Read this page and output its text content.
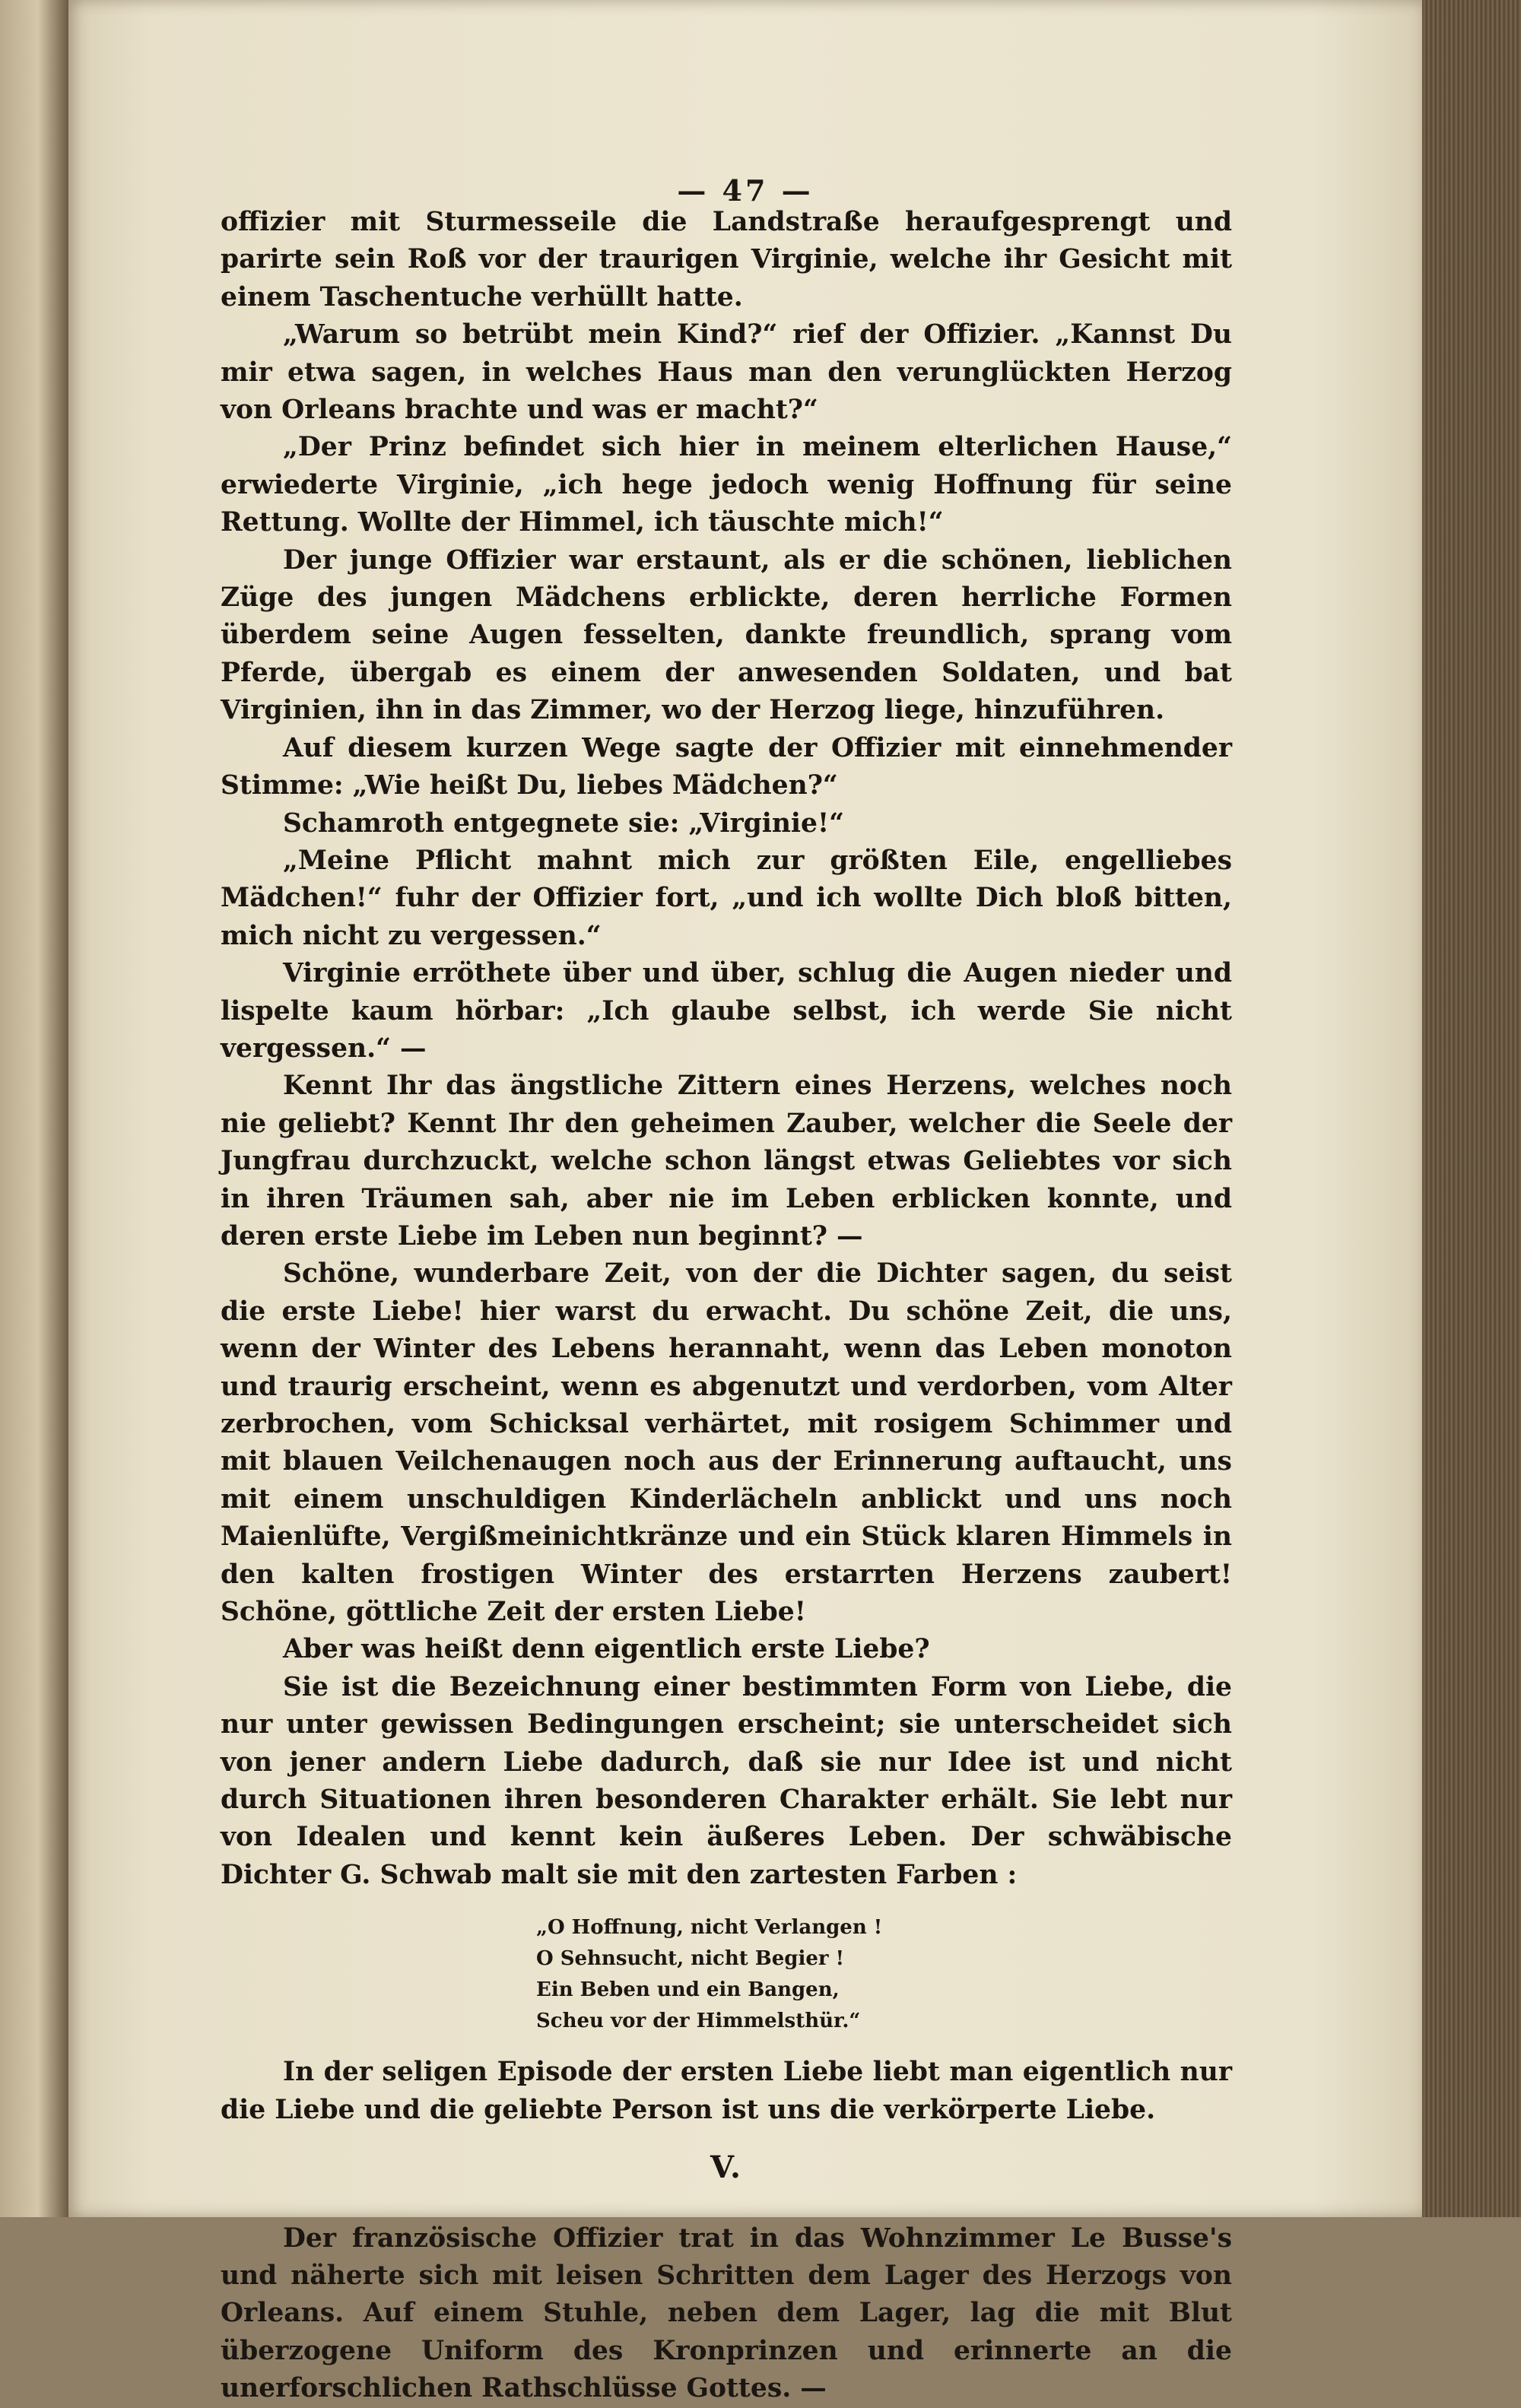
— 47 —

offizier mit Sturmesseile die Landstraße heraufgesprengt und parirte sein Roß vor der traurigen Virginie, welche ihr Gesicht mit einem Taschentuche verhüllt hatte.

„Warum so betrübt mein Kind?“ rief der Offizier. „Kannst Du mir etwa sagen, in welches Haus man den verunglückten Herzog von Orleans brachte und was er macht?“

„Der Prinz befindet sich hier in meinem elterlichen Hause,“ erwiederte Virginie, „ich hege jedoch wenig Hoffnung für seine Rettung. Wollte der Himmel, ich täuschte mich!“

Der junge Offizier war erstaunt, als er die schönen, lieblichen Züge des jungen Mädchens erblickte, deren herrliche Formen überdem seine Augen fesselten, dankte freundlich, sprang vom Pferde, übergab es einem der anwesenden Soldaten, und bat Virginien, ihn in das Zimmer, wo der Herzog liege, hinzuführen.

Auf diesem kurzen Wege sagte der Offizier mit einnehmender Stimme: „Wie heißt Du, liebes Mädchen?“

Schamroth entgegnete sie: „Virginie!“

„Meine Pflicht mahnt mich zur größten Eile, engelliebes Mädchen!“ fuhr der Offizier fort, „und ich wollte Dich bloß bitten, mich nicht zu vergessen.“

Virginie erröthete über und über, schlug die Augen nieder und lispelte kaum hörbar: „Ich glaube selbst, ich werde Sie nicht vergessen.“ —

Kennt Ihr das ängstliche Zittern eines Herzens, welches noch nie geliebt? Kennt Ihr den geheimen Zauber, welcher die Seele der Jungfrau durchzuckt, welche schon längst etwas Geliebtes vor sich in ihren Träumen sah, aber nie im Leben erblicken konnte, und deren erste Liebe im Leben nun beginnt? —

Schöne, wunderbare Zeit, von der die Dichter sagen, du seist die erste Liebe! hier warst du erwacht. Du schöne Zeit, die uns, wenn der Winter des Lebens herannaht, wenn das Leben monoton und traurig erscheint, wenn es abgenutzt und verdorben, vom Alter zerbrochen, vom Schicksal verhärtet, mit rosigem Schimmer und mit blauen Veilchenaugen noch aus der Erinnerung auftaucht, uns mit einem unschuldigen Kinderlächeln anblickt und uns noch Maienlüfte, Vergißmeinichtkränze und ein Stück klaren Himmels in den kalten frostigen Winter des erstarrten Herzens zaubert! Schöne, göttliche Zeit der ersten Liebe!

Aber was heißt denn eigentlich erste Liebe?

Sie ist die Bezeichnung einer bestimmten Form von Liebe, die nur unter gewissen Bedingungen erscheint; sie unterscheidet sich von jener andern Liebe dadurch, daß sie nur Idee ist und nicht durch Situationen ihren besonderen Charakter erhält. Sie lebt nur von Idealen und kennt kein äußeres Leben. Der schwäbische Dichter G. Schwab malt sie mit den zartesten Farben :

„O Hoffnung, nicht Verlangen !
O Sehnsucht, nicht Begier !
Ein Beben und ein Bangen,
Scheu vor der Himmelsthür.“

In der seligen Episode der ersten Liebe liebt man eigentlich nur die Liebe und die geliebte Person ist uns die verkörperte Liebe.

V.

Der französische Offizier trat in das Wohnzimmer Le Busse's und näherte sich mit leisen Schritten dem Lager des Herzogs von Orleans. Auf einem Stuhle, neben dem Lager, lag die mit Blut überzogene Uniform des Kronprinzen und erinnerte an die unerforschlichen Rathschlüsse Gottes. —
